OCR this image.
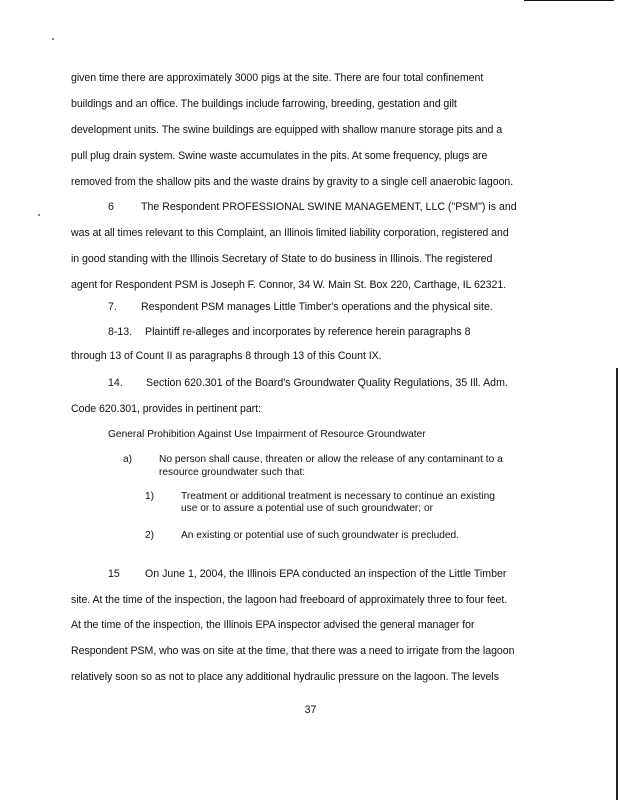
given time there are approximately 3000 pigs at the site. There are four total confinement
buildings and an office. The buildings include farrowing, breeding, gestation and gilt
development units. The swine buildings are equipped with shallow manure storage pits and a
pull plug drain system. Swine waste accumulates in the pits. At some frequency, plugs are
removed from the shallow pits and the waste drains by gravity to a single cell anaerobic lagoon.
6	The Respondent PROFESSIONAL SWINE MANAGEMENT, LLC ("PSM") is and
was at all times relevant to this Complaint, an Illinois limited liability corporation, registered and
in good standing with the Illinois Secretary of State to do business in Illinois. The registered
agent for Respondent PSM is Joseph F. Connor, 34 W. Main St. Box 220, Carthage, IL 62321.
7. Respondent PSM manages Little Timber's operations and the physical site.
8-13. Plaintiff re-alleges and incorporates by reference herein paragraphs 8
through 13 of Count II as paragraphs 8 through 13 of this Count IX.
14. Section 620.301 of the Board's Groundwater Quality Regulations, 35 Ill. Adm.
Code 620.301, provides in pertinent part:
General Prohibition Against Use Impairment of Resource Groundwater
a)	No person shall cause, threaten or allow the release of any contaminant to a
resource groundwater such that:
1)	Treatment or additional treatment is necessary to continue an existing
use or to assure a potential use of such groundwater; or
2)	An existing or potential use of such groundwater is precluded.
15 On June 1, 2004, the Illinois EPA conducted an inspection of the Little Timber
site. At the time of the inspection, the lagoon had freeboard of approximately three to four feet.
At the time of the inspection, the Illinois EPA inspector advised the general manager for
Respondent PSM, who was on site at the time, that there was a need to irrigate from the lagoon
relatively soon so as not to place any additional hydraulic pressure on the lagoon. The levels
37
